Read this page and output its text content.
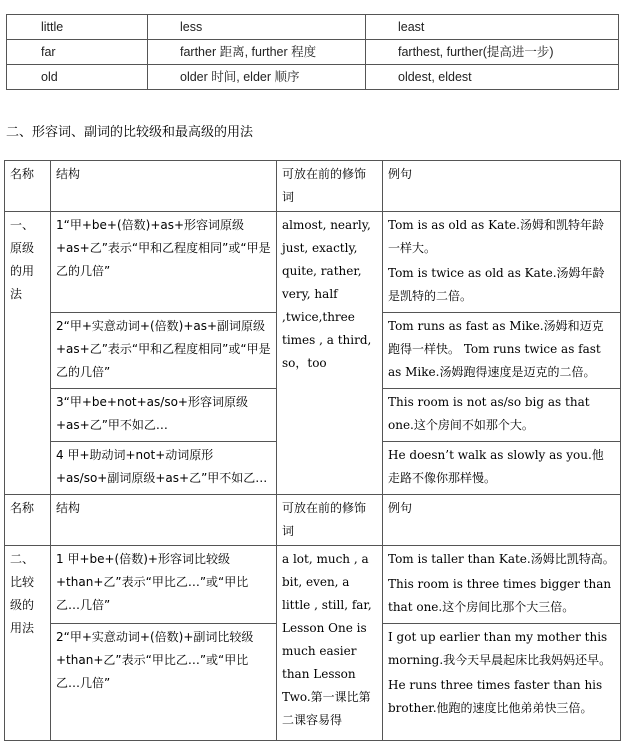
little	less	least
far	farther 距离, further 程度	farthest, further(提高进一步)
old	older 时间, elder 顺序	oldest, eldest
二、形容词、副词的比较级和最高级的用法
名称	结构	可放在前的修饰词	例句
一、原级的用法	1“甲+be+(倍数)+as+形容词原级+as+乙”表示“甲和乙程度相同”或“甲是乙的几倍”	almost, nearly, just, exactly, quite, rather, very, half ,twice,three times , a third, so，too	Tom is as old as Kate.汤姆和凯特年龄一样大。

Tom is twice as old as Kate.汤姆年龄是凯特的二倍。

	2“甲+实意动词+(倍数)+as+副词原级+as+乙”表示“甲和乙程度相同”或“甲是乙的几倍”		Tom runs as fast as Mike.汤姆和迈克跑得一样快。 Tom runs twice as fast as Mike.汤姆跑得速度是迈克的二倍。

	3“甲+be+not+as/so+形容词原级+as+乙”甲不如乙…		This room is not as/so big as that one.这个房间不如那个大。

	4 甲+助动词+not+动词原形+as/so+副词原级+as+乙”甲不如乙…		He doesn’t walk as slowly as you.他走路不像你那样慢。

名称	结构	可放在前的修饰词	例句
二、比较级的用法	1 甲+be+(倍数)+形容词比较级+than+乙”表示“甲比乙…”或“甲比乙…几倍”	a lot, much , a bit, even, a little , still, far, Lesson One is much easier than Lesson Two.第一课比第二课容易得	Tom is taller than Kate.汤姆比凯特高。

This room is three times bigger than that one.这个房间比那个大三倍。

	2“甲+实意动词+(倍数)+副词比较级+than+乙”表示“甲比乙…”或“甲比乙…几倍”		I got up earlier than my mother this morning.我今天早晨起床比我妈妈还早。

He runs three times faster than his brother.他跑的速度比他弟弟快三倍。
